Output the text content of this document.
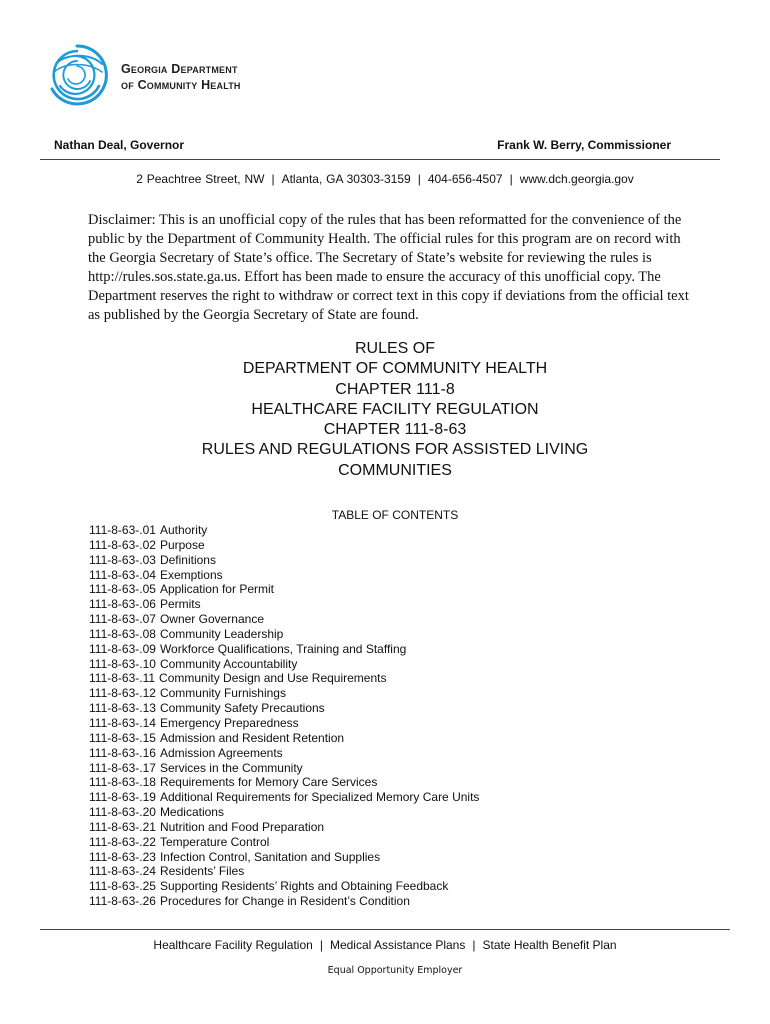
Georgia Department
of Community Health
Nathan Deal, Governor	Frank W. Berry, Commissioner
2 Peachtree Street, NW | Atlanta, GA 30303-3159 | 404-656-4507 | www.dch.georgia.gov

Disclaimer: This is an unofficial copy of the rules that has been reformatted for the convenience of the public by the Department of Community Health. The official rules for this program are on record with the Georgia Secretary of State’s office. The Secretary of State’s website for reviewing the rules is http://rules.sos.state.ga.us. Effort has been made to ensure the accuracy of this unofficial copy. The Department reserves the right to withdraw or correct text in this copy if deviations from the official text as published by the Georgia Secretary of State are found.

RULES OF
DEPARTMENT OF COMMUNITY HEALTH
CHAPTER 111-8
HEALTHCARE FACILITY REGULATION
CHAPTER 111-8-63
RULES AND REGULATIONS FOR ASSISTED LIVING
COMMUNITIES
TABLE OF CONTENTS
111-8-63-.01 Authority
111-8-63-.02 Purpose
111-8-63-.03 Definitions
111-8-63-.04 Exemptions
111-8-63-.05 Application for Permit
111-8-63-.06 Permits
111-8-63-.07 Owner Governance
111-8-63-.08 Community Leadership
111-8-63-.09 Workforce Qualifications, Training and Staffing
111-8-63-.10 Community Accountability
111-8-63-.11 Community Design and Use Requirements
111-8-63-.12 Community Furnishings
111-8-63-.13 Community Safety Precautions
111-8-63-.14 Emergency Preparedness
111-8-63-.15 Admission and Resident Retention
111-8-63-.16 Admission Agreements
111-8-63-.17 Services in the Community
111-8-63-.18 Requirements for Memory Care Services
111-8-63-.19 Additional Requirements for Specialized Memory Care Units
111-8-63-.20 Medications
111-8-63-.21 Nutrition and Food Preparation
111-8-63-.22 Temperature Control
111-8-63-.23 Infection Control, Sanitation and Supplies
111-8-63-.24 Residents’ Files
111-8-63-.25 Supporting Residents’ Rights and Obtaining Feedback
111-8-63-.26 Procedures for Change in Resident’s Condition
Healthcare Facility Regulation | Medical Assistance Plans | State Health Benefit Plan
Equal Opportunity Employer
